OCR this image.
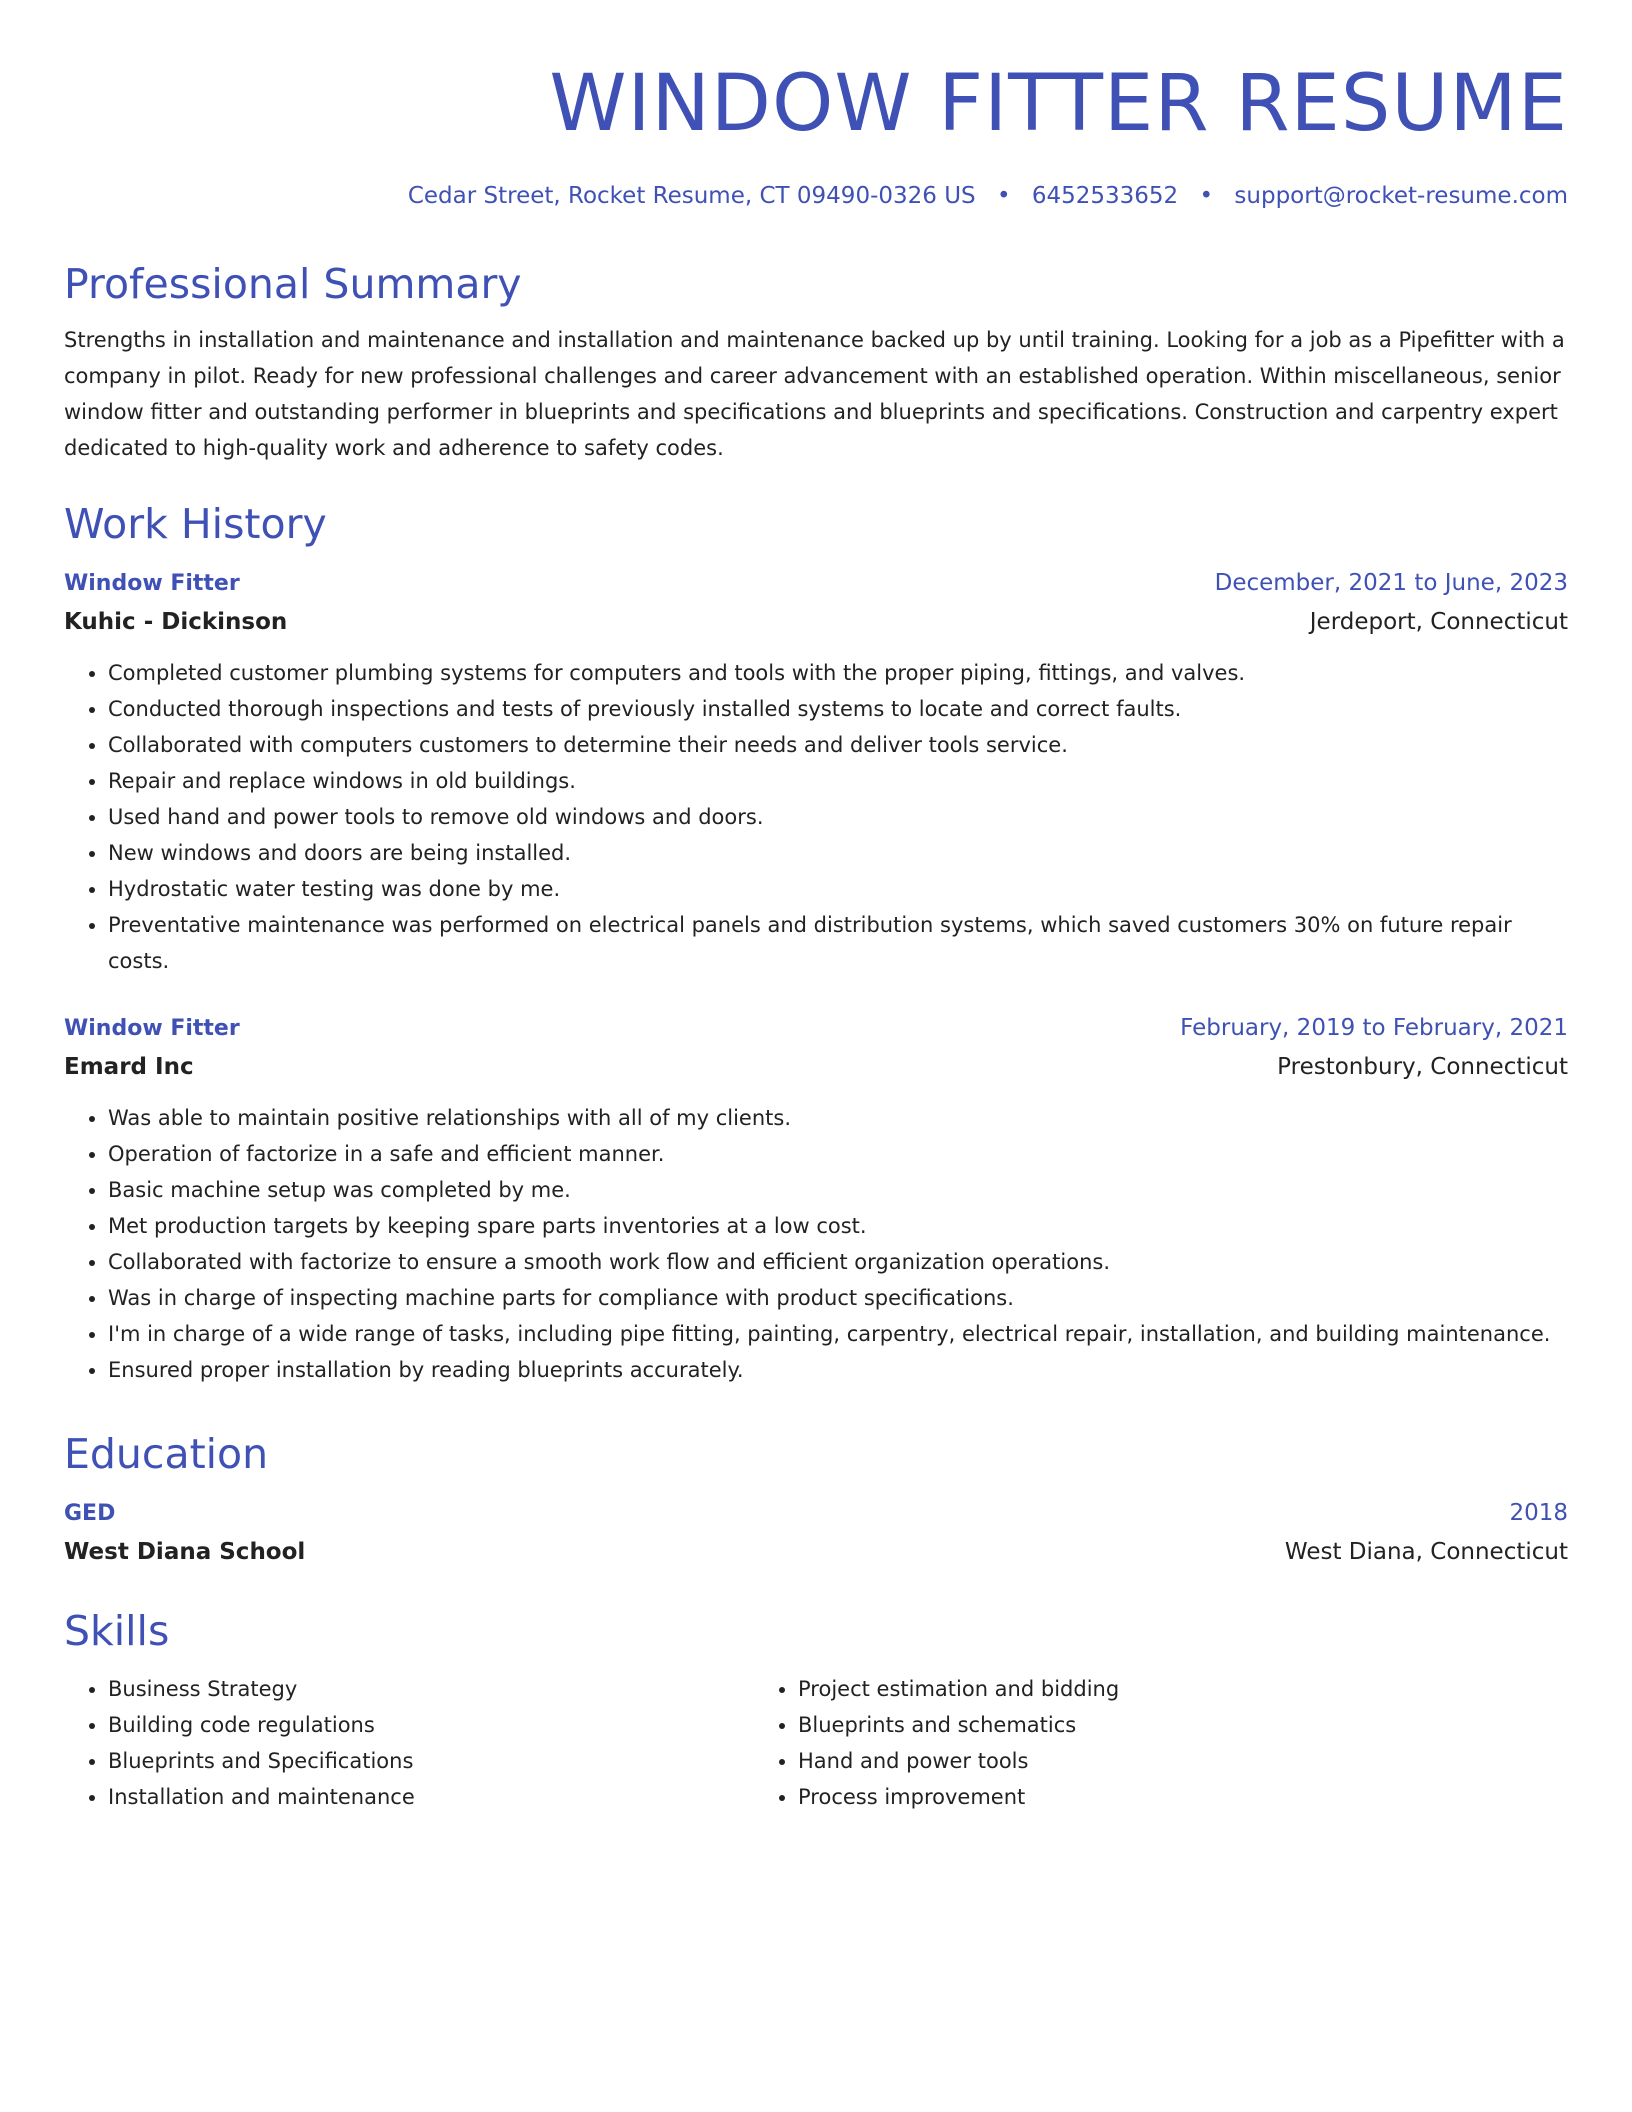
WINDOW FITTER RESUME
Cedar Street, Rocket Resume, CT 09490-0326 US • 6452533652 • support@rocket-resume.com
Professional Summary

Strengths in installation and maintenance and installation and maintenance backed up by until training. Looking for a job as a Pipefitter with a company in pilot. Ready for new professional challenges and career advancement with an established operation. Within miscellaneous, senior window fitter and outstanding performer in blueprints and specifications and blueprints and specifications. Construction and carpentry expert dedicated to high-quality work and adherence to safety codes.

Work History
Window Fitter	December, 2021 to June, 2023
Kuhic - Dickinson	Jerdeport, Connecticut
• Completed customer plumbing systems for computers and tools with the proper piping, fittings, and valves.
• Conducted thorough inspections and tests of previously installed systems to locate and correct faults.
• Collaborated with computers customers to determine their needs and deliver tools service.
• Repair and replace windows in old buildings.
• Used hand and power tools to remove old windows and doors.
• New windows and doors are being installed.
• Hydrostatic water testing was done by me.
• Preventative maintenance was performed on electrical panels and distribution systems, which saved customers 30% on future repair costs.
Window Fitter	February, 2019 to February, 2021
Emard Inc	Prestonbury, Connecticut
• Was able to maintain positive relationships with all of my clients.
• Operation of factorize in a safe and efficient manner.
• Basic machine setup was completed by me.
• Met production targets by keeping spare parts inventories at a low cost.
• Collaborated with factorize to ensure a smooth work flow and efficient organization operations.
• Was in charge of inspecting machine parts for compliance with product specifications.
• I'm in charge of a wide range of tasks, including pipe fitting, painting, carpentry, electrical repair, installation, and building maintenance.
• Ensured proper installation by reading blueprints accurately.
Education
GED	2018
West Diana School	West Diana, Connecticut
Skills
• Business Strategy
• Building code regulations
• Blueprints and Specifications
• Installation and maintenance
• Project estimation and bidding
• Blueprints and schematics
• Hand and power tools
• Process improvement
